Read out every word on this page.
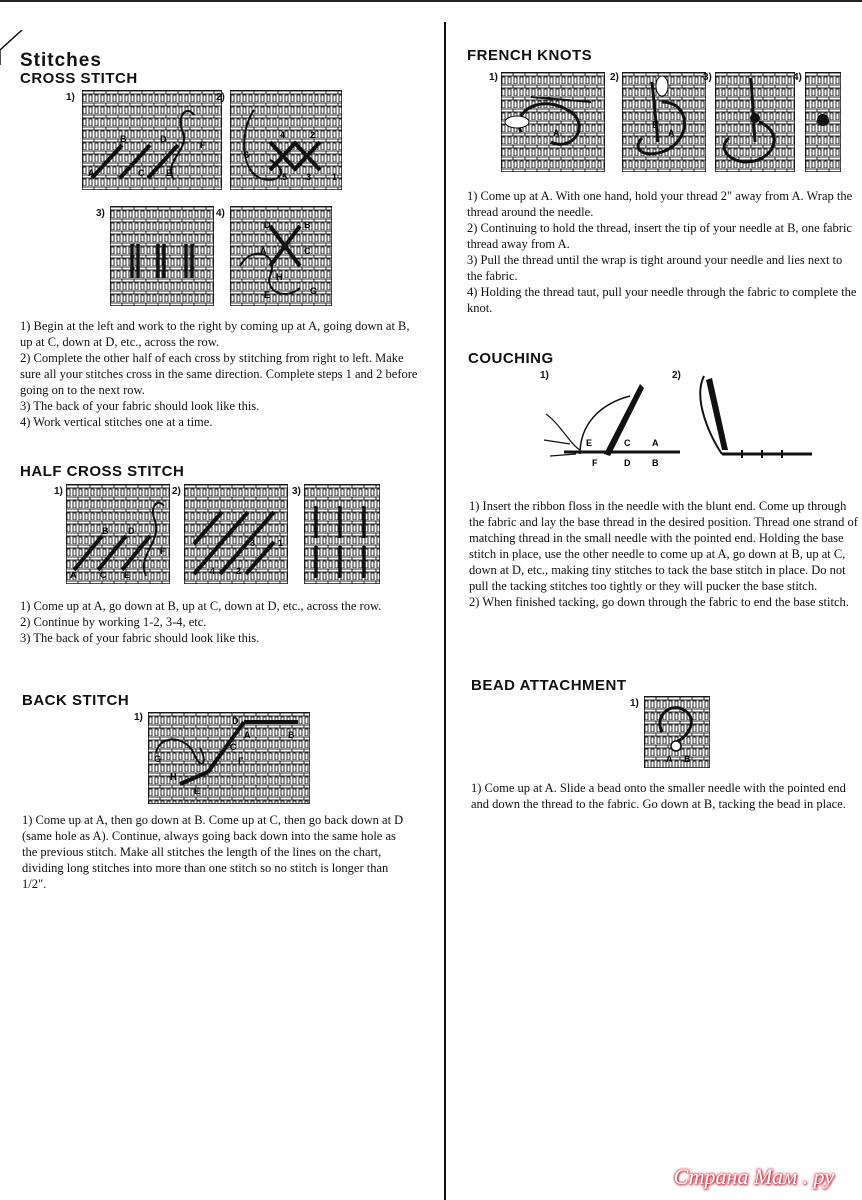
Stitches
CROSS STITCH
1)
A
B
C
D
E
F
2)
4	2
6
5 3 1
3)	4)
A
D	B
C
H
E	G

1) Begin at the left and work to the right by coming up at A, going down at B, up at C, down at D, etc., across the row.

2) Complete the other half of each cross by stitching from right to left. Make sure all your stitches cross in the same direction. Complete steps 1 and 2 before going on to the next row.

3) The back of your fabric should look like this.

4) Work vertical stitches one at a time.

HALF CROSS STITCH
1)
A
B
C
D
E
F
2)
3	1
4 2
3)

1) Come up at A, go down at B, up at C, down at D, etc., across the row.

2) Continue by working 1-2, 3-4, etc.

3) The back of your fabric should look like this.

BACK STITCH
1)	D
A	B
C
F
G
H
E

1) Come up at A, then go down at B. Come up at C, then go back down at D (same hole as A). Continue, always going back down into the same hole as the previous stitch. Make all stitches the length of the lines on the chart, dividing long stitches into more than one stitch so no stitch is longer than 1/2".

FRENCH KNOTS
1)
A
2)
B
A
3)	4)

1) Come up at A. With one hand, hold your thread 2" away from A. Wrap the thread around the needle.

2) Continuing to hold the thread, insert the tip of your needle at B, one fabric thread away from A.

3) Pull the thread until the wrap is tight around your needle and lies next to the fabric.

4) Holding the thread taut, pull your needle through the fabric to complete the knot.

COUCHING
1)
E	C A
F	D B
2)

1) Insert the ribbon floss in the needle with the blunt end. Come up through the fabric and lay the base thread in the desired position. Thread one strand of matching thread in the small needle with the pointed end. Holding the base stitch in place, use the other needle to come up at A, go down at B, up at C, down at D, etc., making tiny stitches to tack the base stitch in place. Do not pull the tacking stitches too tightly or they will pucker the base stitch.

2) When finished tacking, go down through the fabric to end the base stitch.

BEAD ATTACHMENT
1)
A B

1) Come up at A. Slide a bead onto the smaller needle with the pointed end and down the thread to the fabric. Go down at B, tacking the bead in place.

Страна Мам . ру
